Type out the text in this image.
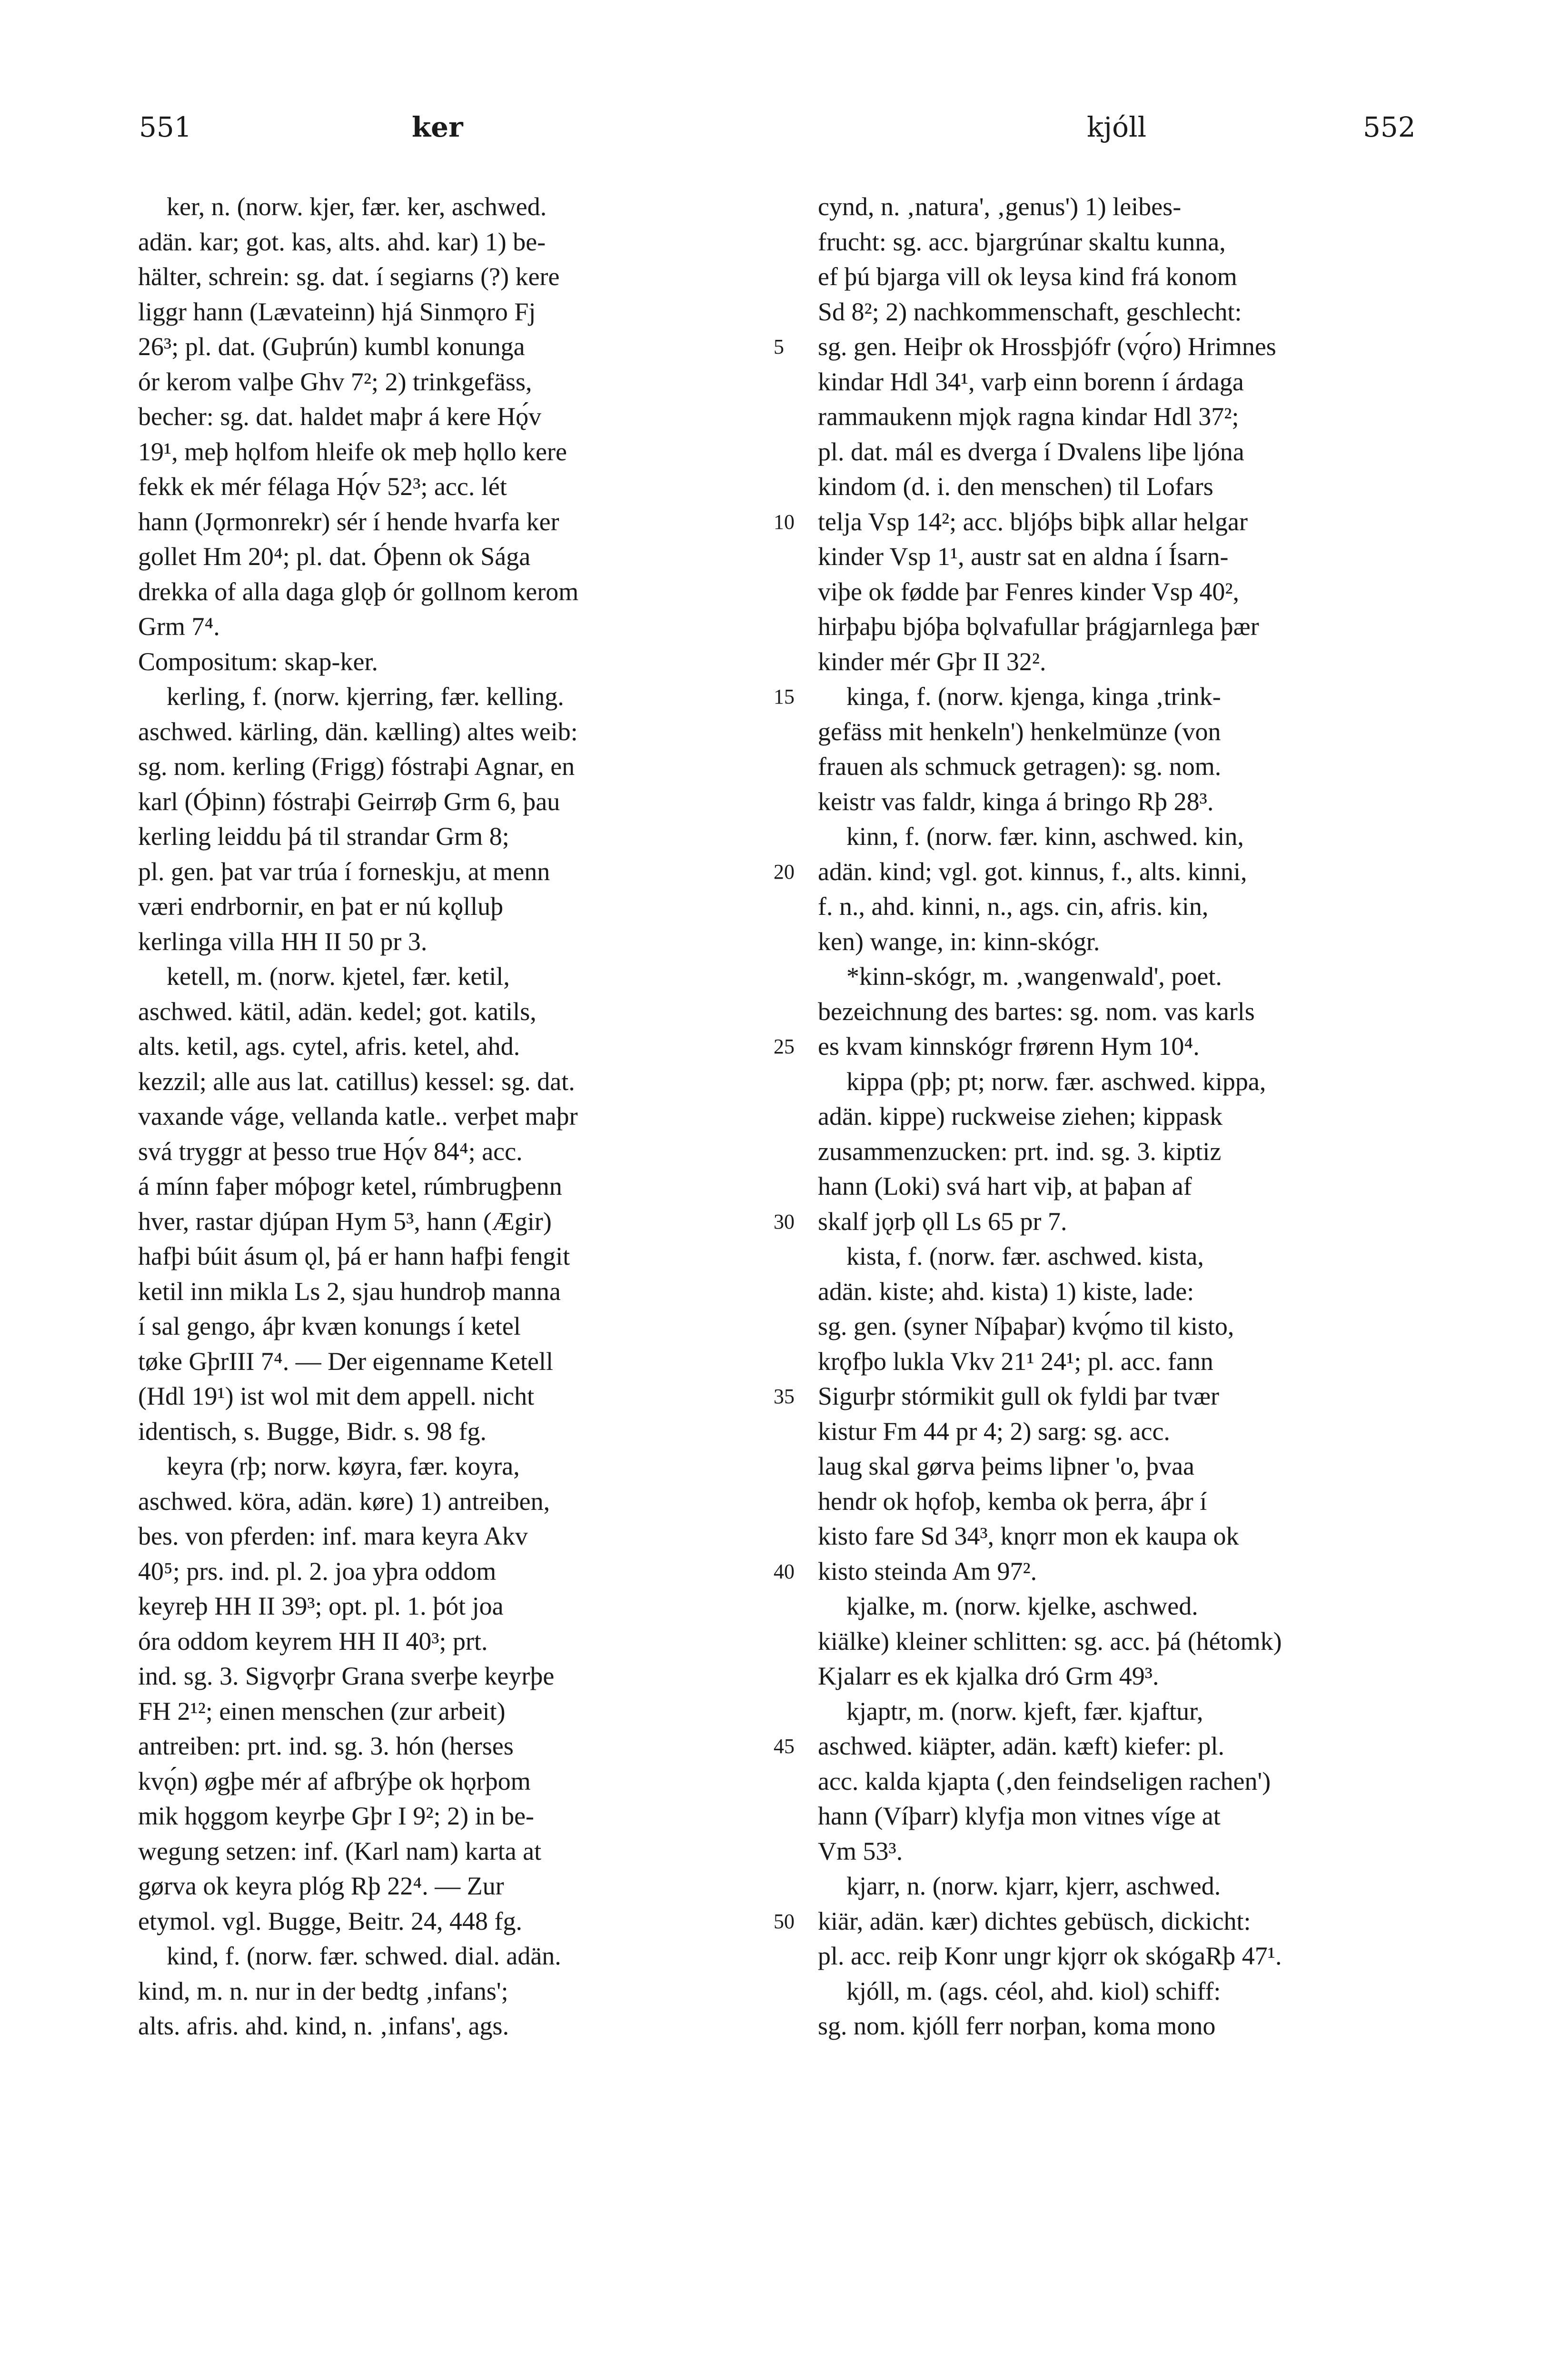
551	ker	kjóll	552
ker, n. (norw. kjer, fær. ker, aschwed.
adän. kar; got. kas, alts. ahd. kar) 1) be-
hälter, schrein: sg. dat. í segiarns (?) kere
liggr hann (Lævateinn) hjá Sinmǫro Fj
26³; pl. dat. (Guþrún) kumbl konunga
ór kerom valþe Ghv 7²; 2) trinkgefäss,
becher: sg. dat. haldet maþr á kere Hǫ́v
19¹, meþ hǫlfom hleife ok meþ hǫllo kere
fekk ek mér félaga Hǫ́v 52³; acc. lét
hann (Jǫrmonrekr) sér í hende hvarfa ker
gollet Hm 20⁴; pl. dat. Óþenn ok Sága
drekka of alla daga glǫþ ór gollnom kerom
Grm 7⁴.
Compositum: skap-ker.
kerling, f. (norw. kjerring, fær. kelling.
aschwed. kärling, dän. kælling) altes weib:
sg. nom. kerling (Frigg) fóstraþi Agnar, en
karl (Óþinn) fóstraþi Geirrøþ Grm 6, þau
kerling leiddu þá til strandar Grm 8;
pl. gen. þat var trúa í forneskju, at menn
væri endrbornir, en þat er nú kǫlluþ
kerlinga villa HH II 50 pr 3.
ketell, m. (norw. kjetel, fær. ketil,
aschwed. kätil, adän. kedel; got. katils,
alts. ketil, ags. cytel, afris. ketel, ahd.
kezzil; alle aus lat. catillus) kessel: sg. dat.
vaxande váge, vellanda katle.. verþet maþr
svá tryggr at þesso true Hǫ́v 84⁴; acc.
á mínn faþer móþogr ketel, rúmbrugþenn
hver, rastar djúpan Hym 5³, hann (Ægir)
hafþi búit ásum ǫl, þá er hann hafþi fengit
ketil inn mikla Ls 2, sjau hundroþ manna
í sal gengo, áþr kvæn konungs í ketel
tøke GþrIII 7⁴. — Der eigenname Ketell
(Hdl 19¹) ist wol mit dem appell. nicht
identisch, s. Bugge, Bidr. s. 98 fg.
keyra (rþ; norw. køyra, fær. koyra,
aschwed. köra, adän. køre) 1) antreiben,
bes. von pferden: inf. mara keyra Akv
40⁵; prs. ind. pl. 2. joa yþra oddom
keyreþ HH II 39³; opt. pl. 1. þót joa
óra oddom keyrem HH II 40³; prt.
ind. sg. 3. Sigvǫrþr Grana sverþe keyrþe
FH 2¹²; einen menschen (zur arbeit)
antreiben: prt. ind. sg. 3. hón (herses
kvǫ́n) øgþe mér af afbrýþe ok hǫrþom
mik hǫggom keyrþe Gþr I 9²; 2) in be-
wegung setzen: inf. (Karl nam) karta at
gørva ok keyra plóg Rþ 22⁴. — Zur
etymol. vgl. Bugge, Beitr. 24, 448 fg.
kind, f. (norw. fær. schwed. dial. adän.
kind, m. n. nur in der bedtg ‚infans';
alts. afris. ahd. kind, n. ‚infans', ags.
cynd, n. ‚natura', ‚genus') 1) leibes-
frucht: sg. acc. bjargrúnar skaltu kunna,
ef þú bjarga vill ok leysa kind frá konom
Sd 8²; 2) nachkommenschaft, geschlecht:
sg. gen. Heiþr ok Hrossþjófr (vǫ́ro) Hrimnes
kindar Hdl 34¹, varþ einn borenn í árdaga
rammaukenn mjǫk ragna kindar Hdl 37²;
pl. dat. mál es dverga í Dvalens liþe ljóna
kindom (d. i. den menschen) til Lofars
telja Vsp 14²; acc. bljóþs biþk allar helgar
kinder Vsp 1¹, austr sat en aldna í Ísarn-
viþe ok fødde þar Fenres kinder Vsp 40²,
hirþaþu bjóþa bǫlvafullar þrágjarnlega þær
kinder mér Gþr II 32².
kinga, f. (norw. kjenga, kinga ‚trink-
gefäss mit henkeln') henkelmünze (von
frauen als schmuck getragen): sg. nom.
keistr vas faldr, kinga á bringo Rþ 28³.
kinn, f. (norw. fær. kinn, aschwed. kin,
adän. kind; vgl. got. kinnus, f., alts. kinni,
f. n., ahd. kinni, n., ags. cin, afris. kin,
ken) wange, in: kinn-skógr.
*kinn-skógr, m. ‚wangenwald', poet.
bezeichnung des bartes: sg. nom. vas karls
es kvam kinnskógr frørenn Hym 10⁴.
kippa (pþ; pt; norw. fær. aschwed. kippa,
adän. kippe) ruckweise ziehen; kippask
zusammenzucken: prt. ind. sg. 3. kiptiz
hann (Loki) svá hart viþ, at þaþan af
skalf jǫrþ ǫll Ls 65 pr 7.
kista, f. (norw. fær. aschwed. kista,
adän. kiste; ahd. kista) 1) kiste, lade:
sg. gen. (syner Níþaþar) kvǫ́mo til kisto,
krǫfþo lukla Vkv 21¹ 24¹; pl. acc. fann
Sigurþr stórmikit gull ok fyldi þar tvær
kistur Fm 44 pr 4; 2) sarg: sg. acc.
laug skal gørva þeims liþner 'o, þvaa
hendr ok hǫfoþ, kemba ok þerra, áþr í
kisto fare Sd 34³, knǫrr mon ek kaupa ok
kisto steinda Am 97².
kjalke, m. (norw. kjelke, aschwed.
kiälke) kleiner schlitten: sg. acc. þá (hétomk)
Kjalarr es ek kjalka dró Grm 49³.
kjaptr, m. (norw. kjeft, fær. kjaftur,
aschwed. kiäpter, adän. kæft) kiefer: pl.
acc. kalda kjapta (‚den feindseligen rachen')
hann (Víþarr) klyfja mon vitnes víge at
Vm 53³.
kjarr, n. (norw. kjarr, kjerr, aschwed.
kiär, adän. kær) dichtes gebüsch, dickicht:
pl. acc. reiþ Konr ungr kjǫrr ok skógaRþ 47¹.
kjóll, m. (ags. céol, ahd. kiol) schiff:
sg. nom. kjóll ferr norþan, koma mono
5
10
15
20
25
30
35
40
45
50
